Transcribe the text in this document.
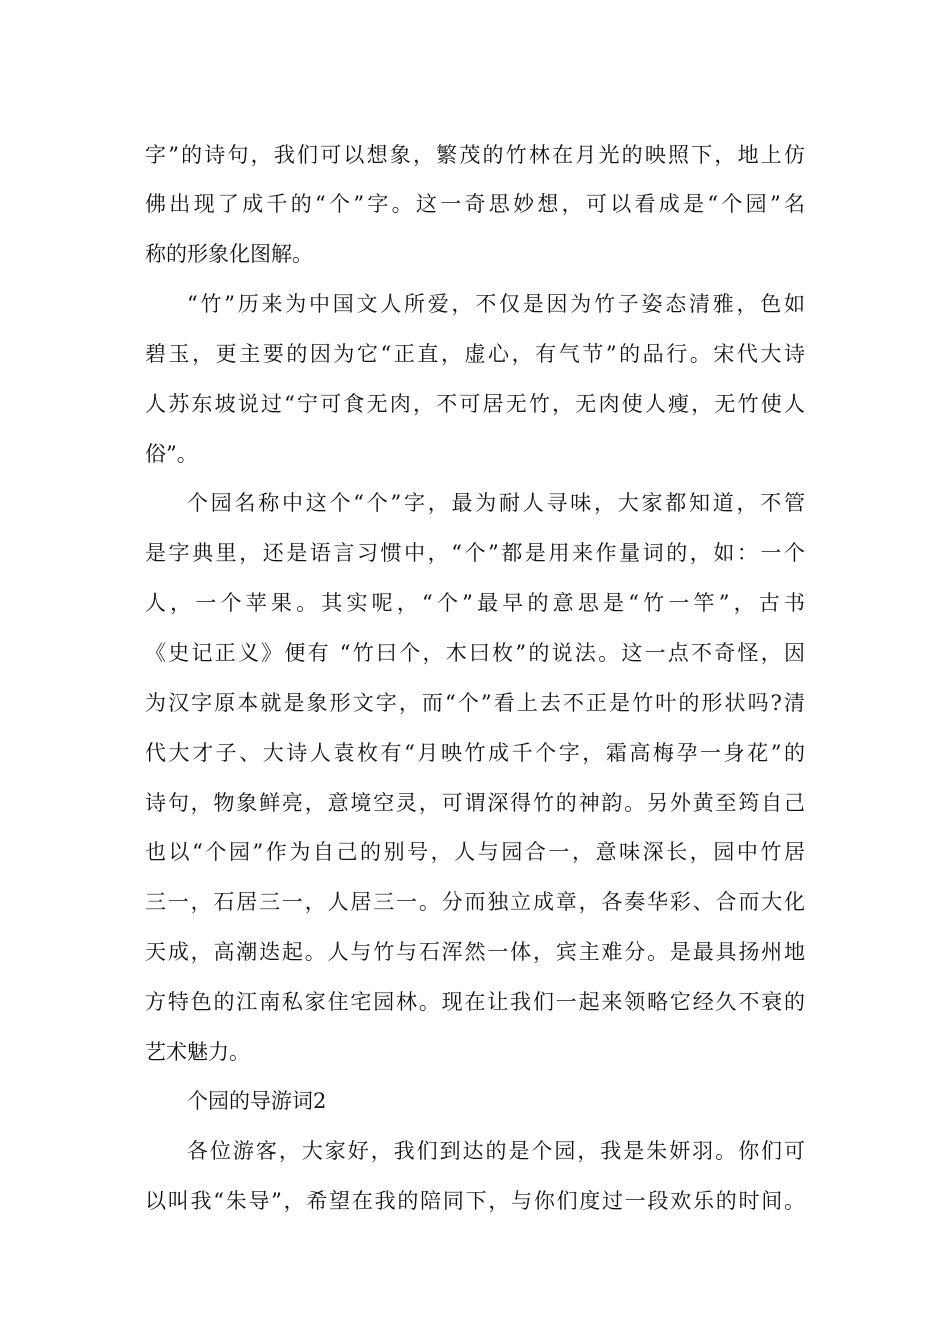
字”的诗句，我们可以想象，繁茂的竹林在月光的映照下，地上仿
佛出现了成千的“个”字。这一奇思妙想，可以看成是“个园”名
称的形象化图解。
“竹”历来为中国文人所爱，不仅是因为竹子姿态清雅，色如
碧玉，更主要的因为它“正直，虚心，有气节”的品行。宋代大诗
人苏东坡说过“宁可食无肉，不可居无竹，无肉使人瘦，无竹使人
俗”。
个园名称中这个“个”字，最为耐人寻味，大家都知道，不管
是字典里，还是语言习惯中，“个”都是用来作量词的，如：一个
人，一个苹果。其实呢，“个”最早的意思是“竹一竿”，古书
《史记正义》便有 “竹曰个，木曰枚”的说法。这一点不奇怪，因
为汉字原本就是象形文字，而“个”看上去不正是竹叶的形状吗?清
代大才子、大诗人袁枚有“月映竹成千个字，霜高梅孕一身花”的
诗句，物象鲜亮，意境空灵，可谓深得竹的神韵。另外黄至筠自己
也以“个园”作为自己的别号，人与园合一，意味深长，园中竹居
三一，石居三一，人居三一。分而独立成章，各奏华彩、合而大化
天成，高潮迭起。人与竹与石浑然一体，宾主难分。是最具扬州地
方特色的江南私家住宅园林。现在让我们一起来领略它经久不衰的
艺术魅力。
个园的导游词2
各位游客，大家好，我们到达的是个园，我是朱妍羽。你们可
以叫我“朱导”，希望在我的陪同下，与你们度过一段欢乐的时间。
